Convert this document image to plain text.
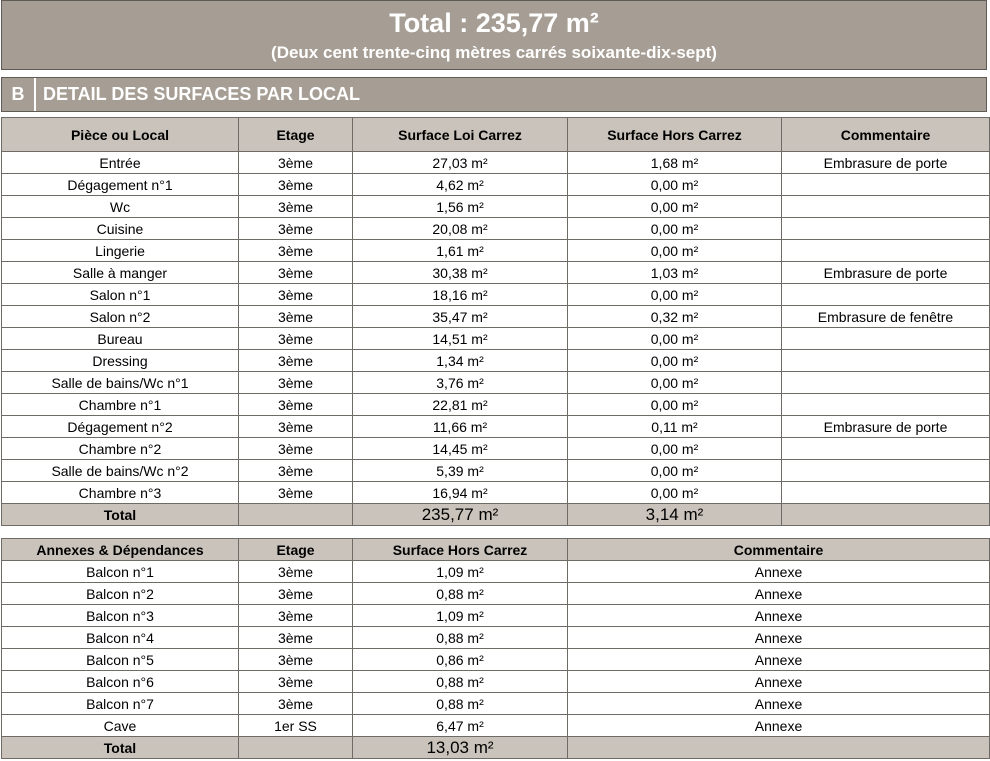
Total : 235,77 m²
(Deux cent trente-cinq mètres carrés soixante-dix-sept)
B	DETAIL DES SURFACES PAR LOCAL
Pièce ou Local	Etage	Surface Loi Carrez	Surface Hors Carrez	Commentaire
Entrée	3ème	27,03 m²	1,68 m²	Embrasure de porte
Dégagement n°1	3ème	4,62 m²	0,00 m²	
Wc	3ème	1,56 m²	0,00 m²	
Cuisine	3ème	20,08 m²	0,00 m²	
Lingerie	3ème	1,61 m²	0,00 m²	
Salle à manger	3ème	30,38 m²	1,03 m²	Embrasure de porte
Salon n°1	3ème	18,16 m²	0,00 m²	
Salon n°2	3ème	35,47 m²	0,32 m²	Embrasure de fenêtre
Bureau	3ème	14,51 m²	0,00 m²	
Dressing	3ème	1,34 m²	0,00 m²	
Salle de bains/Wc n°1	3ème	3,76 m²	0,00 m²	
Chambre n°1	3ème	22,81 m²	0,00 m²	
Dégagement n°2	3ème	11,66 m²	0,11 m²	Embrasure de porte
Chambre n°2	3ème	14,45 m²	0,00 m²	
Salle de bains/Wc n°2	3ème	5,39 m²	0,00 m²	
Chambre n°3	3ème	16,94 m²	0,00 m²	
Total		235,77 m²	3,14 m²	
Annexes & Dépendances	Etage	Surface Hors Carrez	Commentaire
Balcon n°1	3ème	1,09 m²	Annexe
Balcon n°2	3ème	0,88 m²	Annexe
Balcon n°3	3ème	1,09 m²	Annexe
Balcon n°4	3ème	0,88 m²	Annexe
Balcon n°5	3ème	0,86 m²	Annexe
Balcon n°6	3ème	0,88 m²	Annexe
Balcon n°7	3ème	0,88 m²	Annexe
Cave	1er SS	6,47 m²	Annexe
Total		13,03 m²	
